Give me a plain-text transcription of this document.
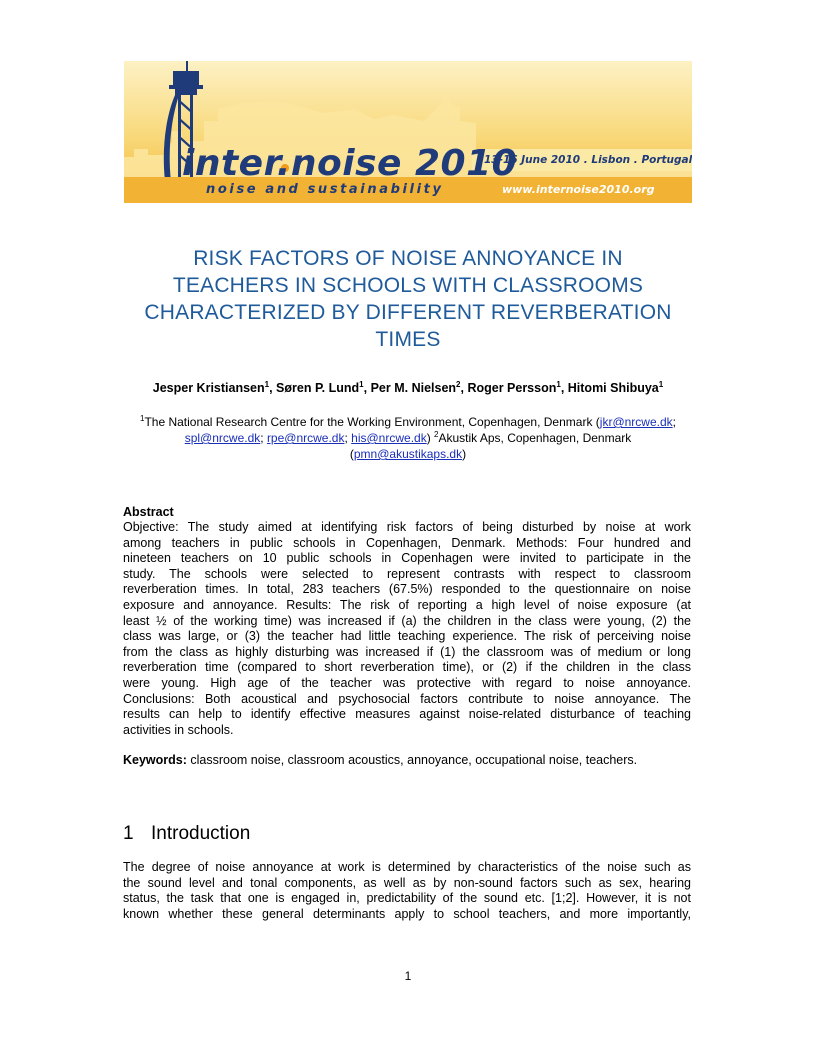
inter.noise 2010
noise and sustainability
13-16 June 2010 . Lisbon . Portugal
www.internoise2010.org
RISK FACTORS OF NOISE ANNOYANCE IN
TEACHERS IN SCHOOLS WITH CLASSROOMS
CHARACTERIZED BY DIFFERENT REVERBERATION
TIMES
Jesper Kristiansen$^1$, Søren P. Lund$^1$, Per M. Nielsen$^2$, Roger Persson$^1$, Hitomi Shibuya$^1$
$^1$The National Research Centre for the Working Environment, Copenhagen, Denmark (jkr@nrcwe.dk;
spl@nrcwe.dk; rpe@nrcwe.dk; his@nrcwe.dk) $^2$Akustik Aps, Copenhagen, Denmark
(pmn@akustikaps.dk)
Abstract
Objective: The study aimed at identifying risk factors of being disturbed by noise at work
among teachers in public schools in Copenhagen, Denmark. Methods: Four hundred and
nineteen teachers on 10 public schools in Copenhagen were invited to participate in the
study. The schools were selected to represent contrasts with respect to classroom
reverberation times. In total, 283 teachers (67.5%) responded to the questionnaire on noise
exposure and annoyance. Results: The risk of reporting a high level of noise exposure (at
least ½ of the working time) was increased if (a) the children in the class were young, (2) the
class was large, or (3) the teacher had little teaching experience. The risk of perceiving noise
from the class as highly disturbing was increased if (1) the classroom was of medium or long
reverberation time (compared to short reverberation time), or (2) if the children in the class
were young. High age of the teacher was protective with regard to noise annoyance.
Conclusions: Both acoustical and psychosocial factors contribute to noise annoyance. The
results can help to identify effective measures against noise-related disturbance of teaching
activities in schools.
Keywords: classroom noise, classroom acoustics, annoyance, occupational noise, teachers.
1 Introduction
The degree of noise annoyance at work is determined by characteristics of the noise such as
the sound level and tonal components, as well as by non-sound factors such as sex, hearing
status, the task that one is engaged in, predictability of the sound etc. [1;2]. However, it is not
known whether these general determinants apply to school teachers, and more importantly,
1
